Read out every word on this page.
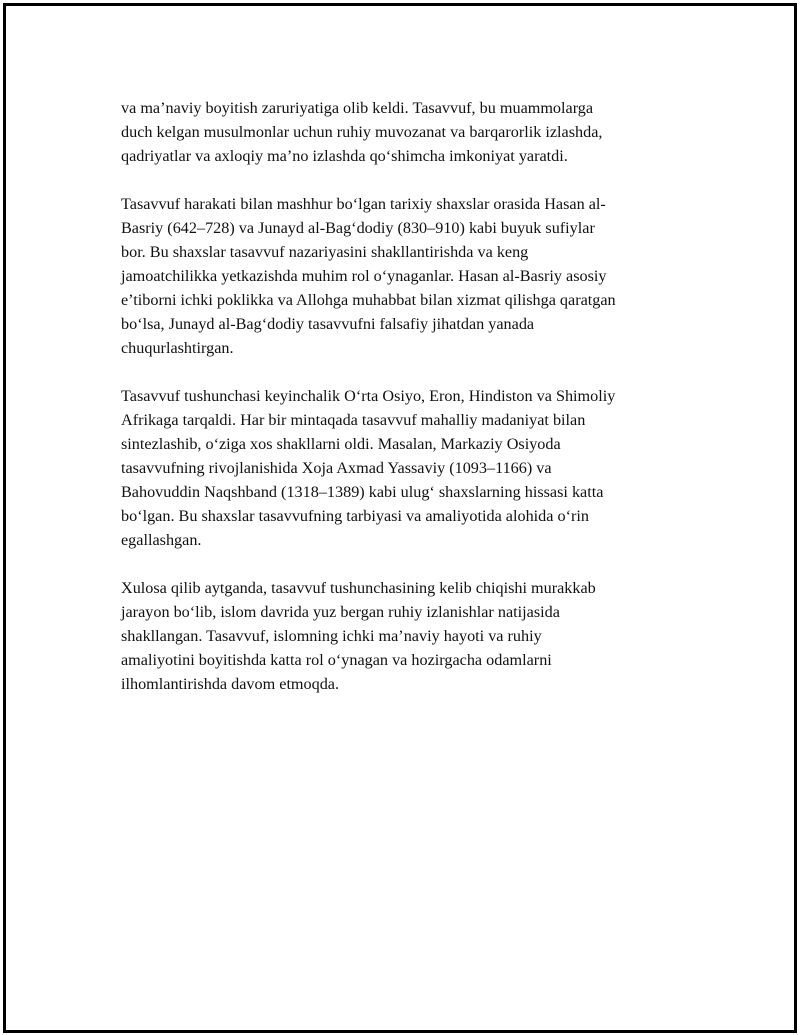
va ma’naviy boyitish zaruriyatiga olib keldi. Tasavvuf, bu muammolarga
duch kelgan musulmonlar uchun ruhiy muvozanat va barqarorlik izlashda,
qadriyatlar va axloqiy ma’no izlashda qo‘shimcha imkoniyat yaratdi.

Tasavvuf harakati bilan mashhur bo‘lgan tarixiy shaxslar orasida Hasan al-
Basriy (642–728) va Junayd al-Bag‘dodiy (830–910) kabi buyuk sufiylar
bor. Bu shaxslar tasavvuf nazariyasini shakllantirishda va keng
jamoatchilikka yetkazishda muhim rol o‘ynaganlar. Hasan al-Basriy asosiy
e’tiborni ichki poklikka va Allohga muhabbat bilan xizmat qilishga qaratgan
bo‘lsa, Junayd al-Bag‘dodiy tasavvufni falsafiy jihatdan yanada
chuqurlashtirgan.

Tasavvuf tushunchasi keyinchalik O‘rta Osiyo, Eron, Hindiston va Shimoliy
Afrikaga tarqaldi. Har bir mintaqada tasavvuf mahalliy madaniyat bilan
sintezlashib, o‘ziga xos shakllarni oldi. Masalan, Markaziy Osiyoda
tasavvufning rivojlanishida Xoja Axmad Yassaviy (1093–1166) va
Bahovuddin Naqshband (1318–1389) kabi ulug‘ shaxslarning hissasi katta
bo‘lgan. Bu shaxslar tasavvufning tarbiyasi va amaliyotida alohida o‘rin
egallashgan.

Xulosa qilib aytganda, tasavvuf tushunchasining kelib chiqishi murakkab
jarayon bo‘lib, islom davrida yuz bergan ruhiy izlanishlar natijasida
shakllangan. Tasavvuf, islomning ichki ma’naviy hayoti va ruhiy
amaliyotini boyitishda katta rol o‘ynagan va hozirgacha odamlarni
ilhomlantirishda davom etmoqda.
